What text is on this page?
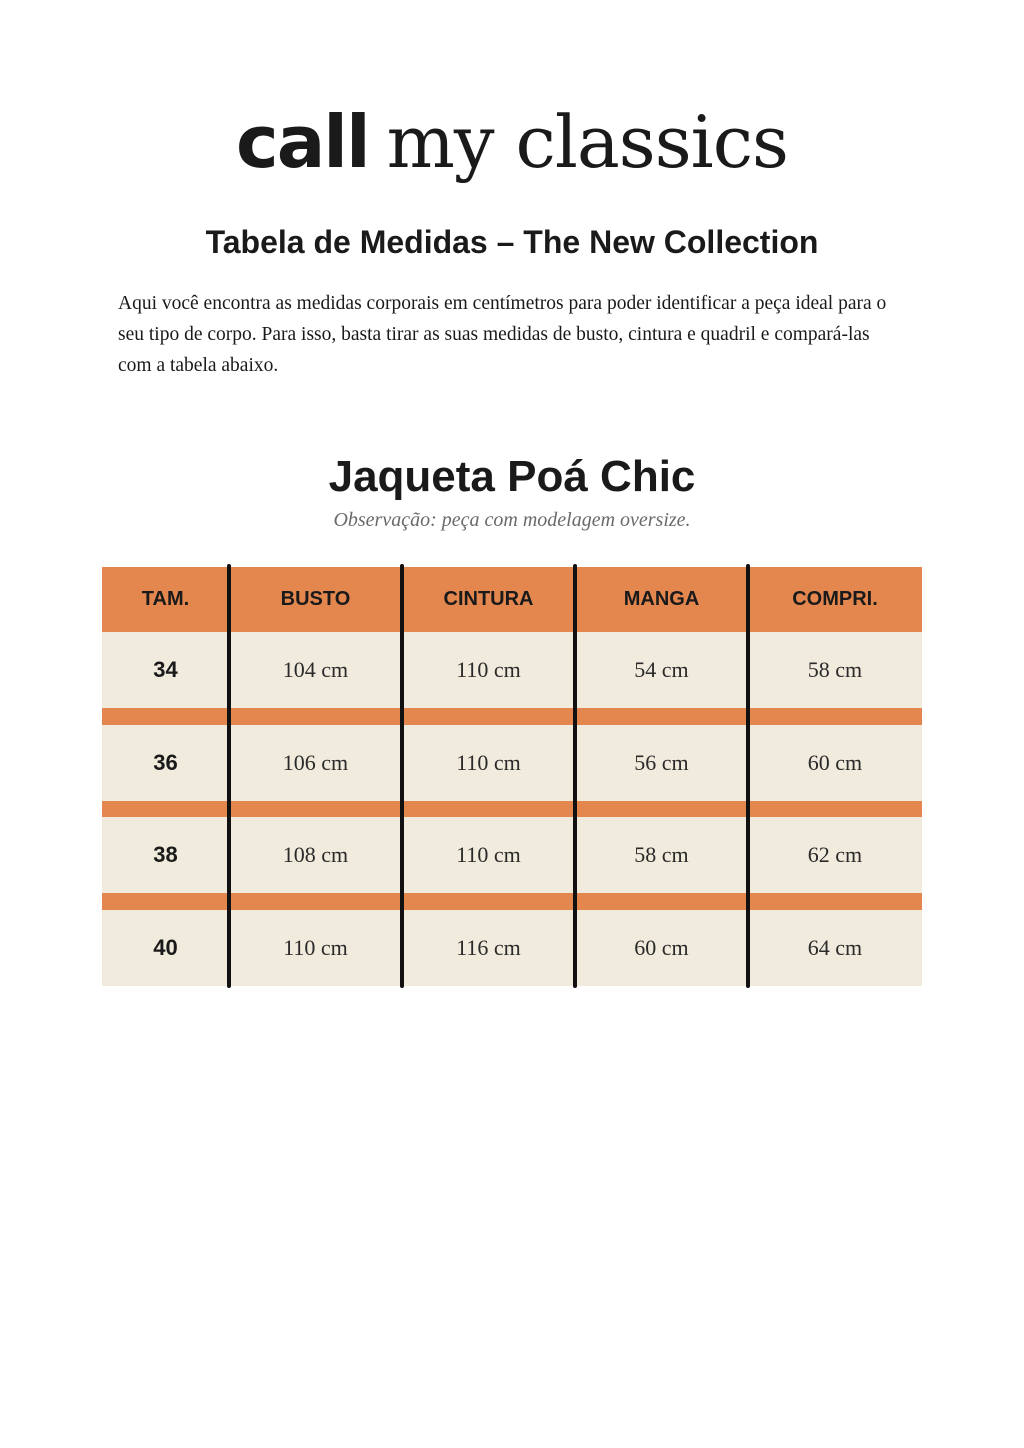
call my classics
Tabela de Medidas – The New Collection

Aqui você encontra as medidas corporais em centímetros para poder identificar a peça ideal para o seu tipo de corpo. Para isso, basta tirar as suas medidas de busto, cintura e quadril e compará-las com a tabela abaixo.

Jaqueta Poá Chic
Observação: peça com modelagem oversize.
TAM.	BUSTO	CINTURA	MANGA	COMPRI.
34	104 cm	110 cm	54 cm	58 cm
36	106 cm	110 cm	56 cm	60 cm
38	108 cm	110 cm	58 cm	62 cm
40	110 cm	116 cm	60 cm	64 cm
